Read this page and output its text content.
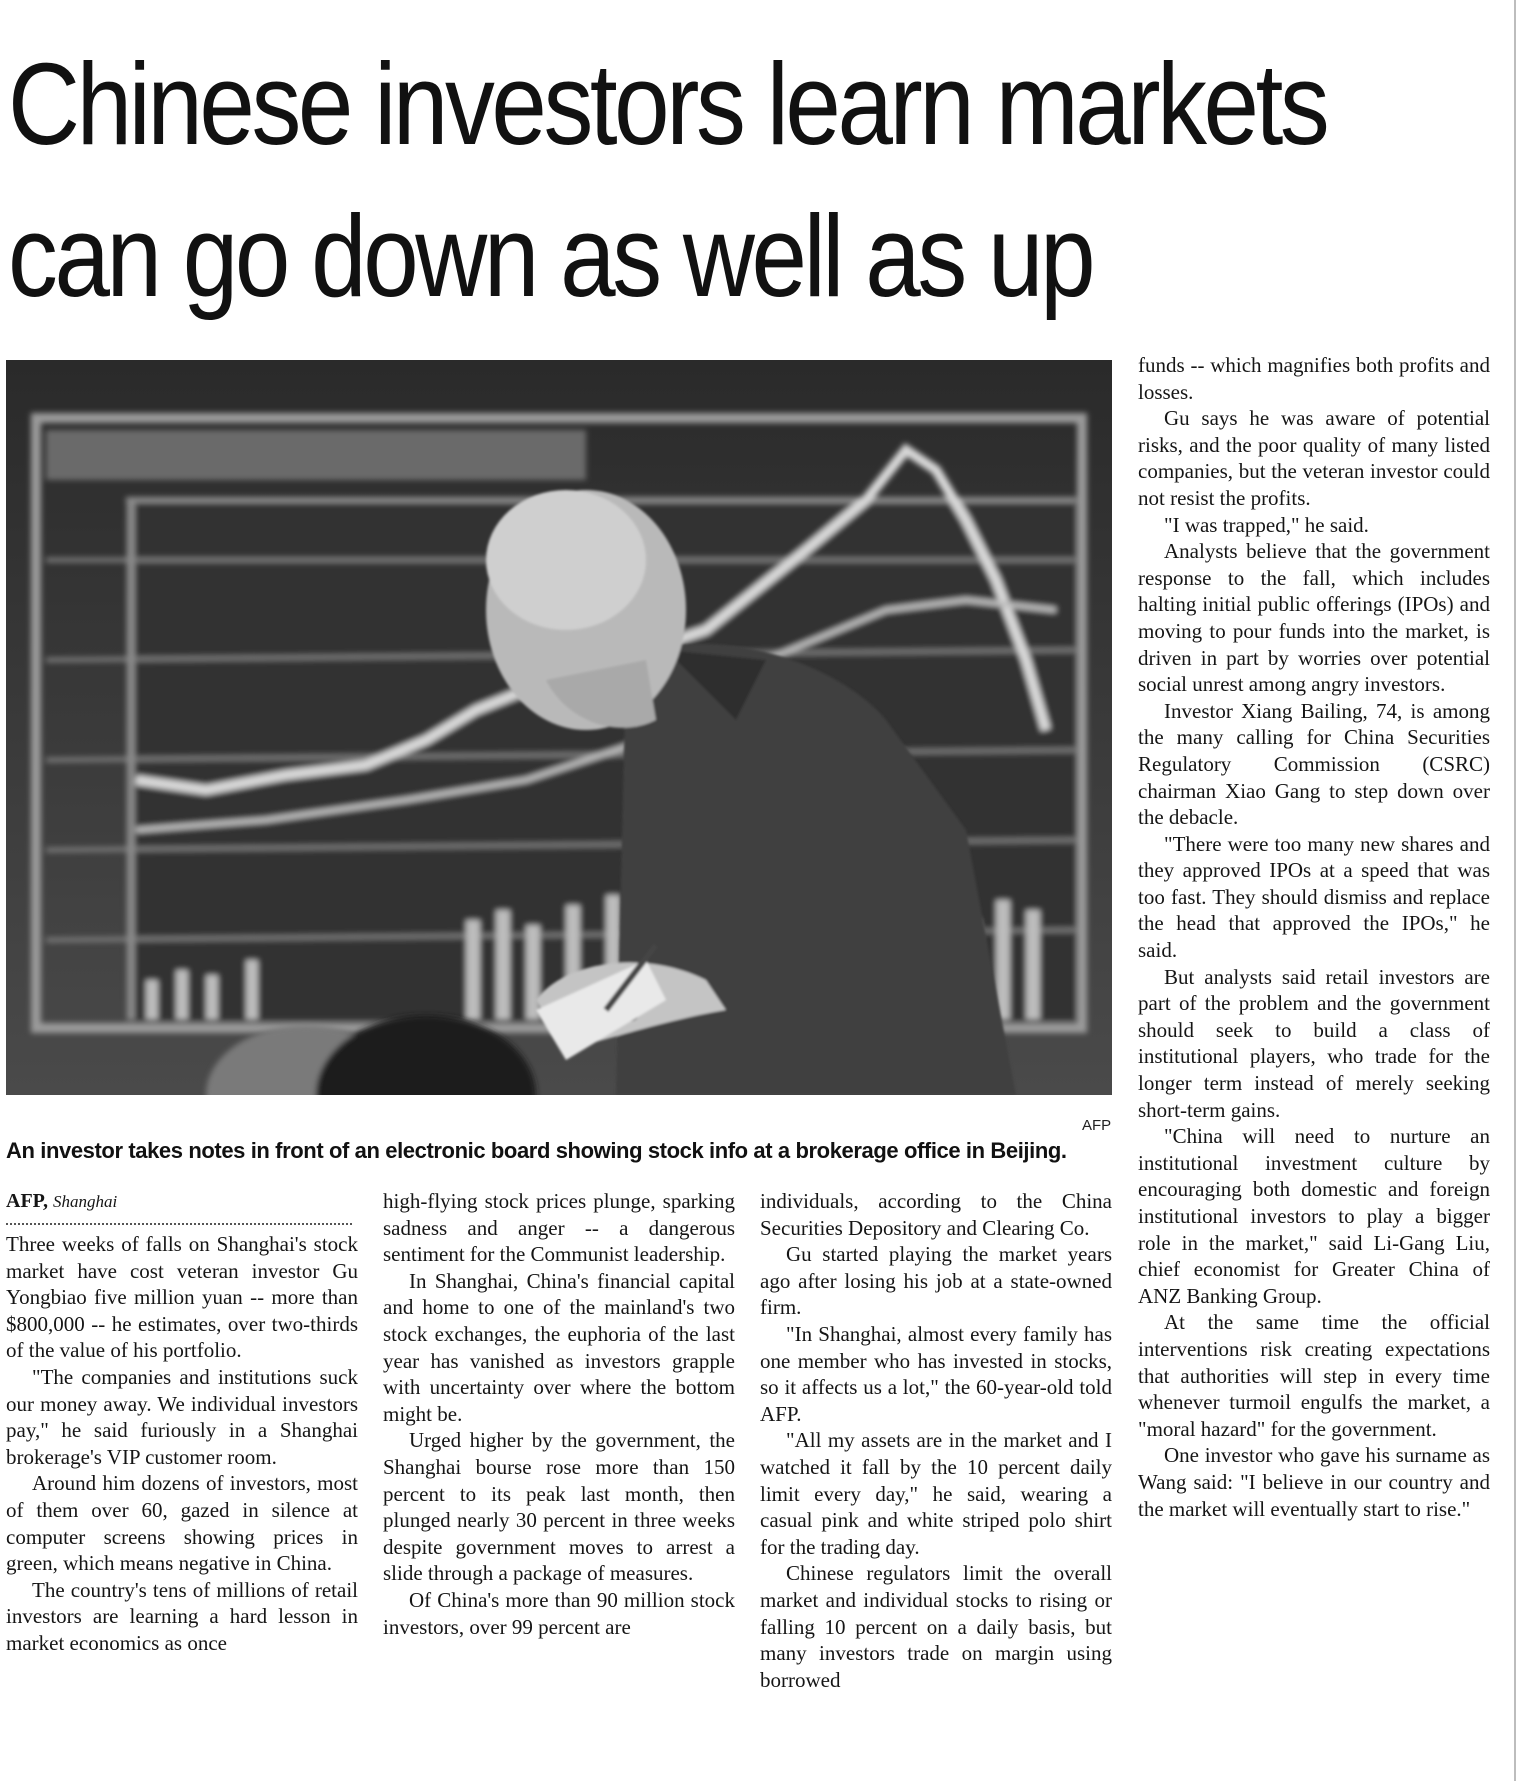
Chinese investors learn markets
can go down as well as up
AFP
An investor takes notes in front of an electronic board showing stock info at a brokerage office in Beijing.
AFP, Shanghai

Three weeks of falls on Shanghai's stock market have cost veteran investor Gu Yongbiao five million yuan -- more than $800,000 -- he estimates, over two-thirds of the value of his portfolio.

"The companies and institutions suck our money away. We individual investors pay," he said furiously in a Shanghai brokerage's VIP customer room.

Around him dozens of investors, most of them over 60, gazed in silence at computer screens showing prices in green, which means negative in China.

The country's tens of millions of retail investors are learning a hard lesson in market economics as once

high-flying stock prices plunge, sparking sadness and anger -- a dangerous sentiment for the Communist leadership.

In Shanghai, China's financial capital and home to one of the mainland's two stock exchanges, the euphoria of the last year has vanished as investors grapple with uncertainty over where the bottom might be.

Urged higher by the government, the Shanghai bourse rose more than 150 percent to its peak last month, then plunged nearly 30 percent in three weeks despite government moves to arrest a slide through a package of measures.

Of China's more than 90 million stock investors, over 99 percent are

individuals, according to the China Securities Depository and Clearing Co.

Gu started playing the market years ago after losing his job at a state-owned firm.

"In Shanghai, almost every family has one member who has invested in stocks, so it affects us a lot," the 60-year-old told AFP.

"All my assets are in the market and I watched it fall by the 10 percent daily limit every day," he said, wearing a casual pink and white striped polo shirt for the trading day.

Chinese regulators limit the overall market and individual stocks to rising or falling 10 percent on a daily basis, but many investors trade on margin using borrowed

funds -- which magnifies both profits and losses.

Gu says he was aware of potential risks, and the poor quality of many listed companies, but the veteran investor could not resist the profits.

"I was trapped," he said.

Analysts believe that the government response to the fall, which includes halting initial public offerings (IPOs) and moving to pour funds into the market, is driven in part by worries over potential social unrest among angry investors.

Investor Xiang Bailing, 74, is among the many calling for China Securities Regulatory Commission (CSRC) chairman Xiao Gang to step down over the debacle.

"There were too many new shares and they approved IPOs at a speed that was too fast. They should dismiss and replace the head that approved the IPOs," he said.

But analysts said retail investors are part of the problem and the government should seek to build a class of institutional players, who trade for the longer term instead of merely seeking short-term gains.

"China will need to nurture an institutional investment culture by encouraging both domestic and foreign institutional investors to play a bigger role in the market," said Li-Gang Liu, chief economist for Greater China of ANZ Banking Group.

At the same time the official interventions risk creating expectations that authorities will step in every time whenever turmoil engulfs the market, a "moral hazard" for the government.

One investor who gave his surname as Wang said: "I believe in our country and the market will eventually start to rise."
